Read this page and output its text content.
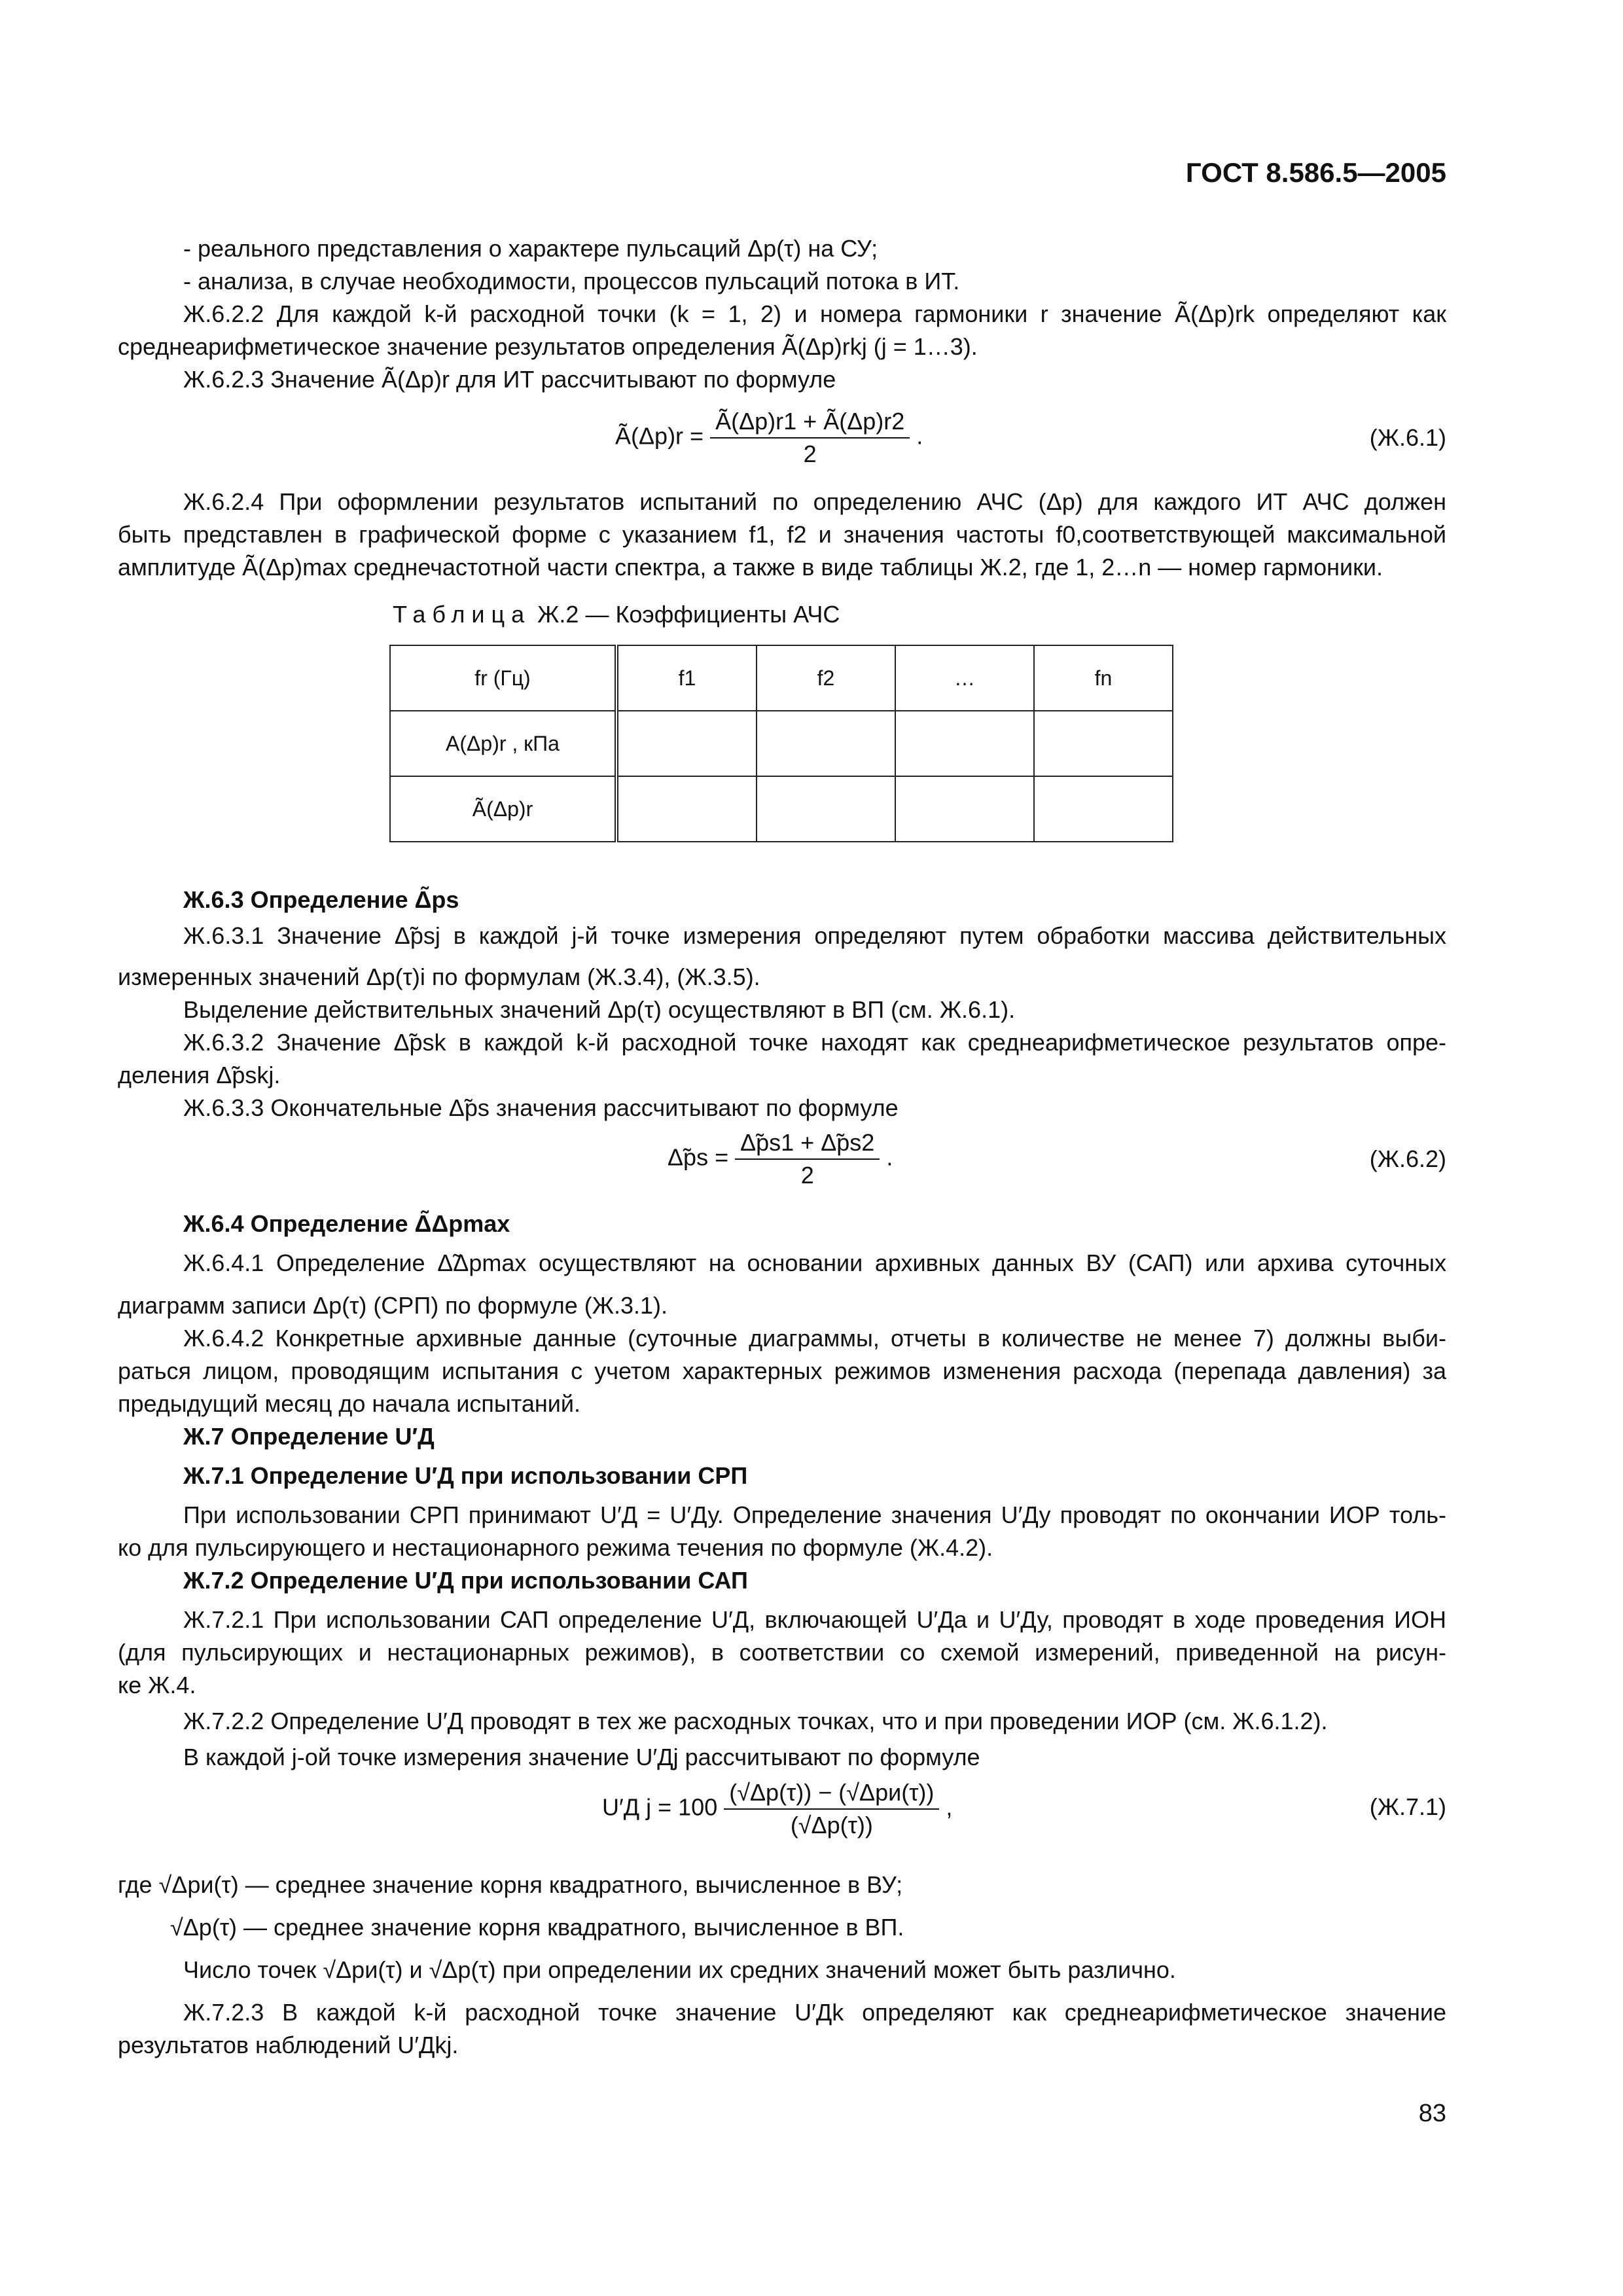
ГОСТ 8.586.5—2005
- реального представления о характере пульсаций Δp(τ) на СУ;
- анализа, в случае необходимости, процессов пульсаций потока в ИТ.
Ж.6.2.2 Для каждой k-й расходной точки (k = 1, 2) и номера гармоники r значение Ã(Δp)rk определяют как
среднеарифметическое значение результатов определения Ã(Δp)rkj (j = 1…3).
Ж.6.2.3 Значение Ã(Δp)r для ИТ рассчитывают по формуле
Ã(Δp)r = $\frac{Ã(\Delta p)r1 + Ã(\Delta p)r2}{2}$ .	(Ж.6.1)
Ж.6.2.4 При оформлении результатов испытаний по определению АЧС (Δp) для каждого ИТ АЧС должен
быть представлен в графической форме с указанием f1, f2 и значения частоты f0,соответствующей максимальной
амплитуде Ã(Δp)max среднечастотной части спектра, а также в виде таблицы Ж.2, где 1, 2…n — номер гармоники.
Таблица Ж.2 — Коэффициенты АЧС
fr (Гц)	f1	f2	…	fn
A(Δp)r , кПа				
Ã(Δp)r				
Ж.6.3 Определение Δ̃ps
Ж.6.3.1 Значение Δ̃psj в каждой j-й точке измерения определяют путем обработки массива действительных
измеренных значений Δp(τ)i по формулам (Ж.3.4), (Ж.3.5).
Выделение действительных значений Δp(τ) осуществляют в ВП (см. Ж.6.1).
Ж.6.3.2 Значение Δ̃psk в каждой k-й расходной точке находят как среднеарифметическое результатов опре-
деления Δ̃pskj.
Ж.6.3.3 Окончательные Δ̃ps значения рассчитывают по формуле
Δ̃ps = $\frac{\Deltãps1 + \Deltãps2}{2}$ .	(Ж.6.2)
Ж.6.4 Определение Δ̃Δpmax
Ж.6.4.1 Определение Δ̃Δpmax осуществляют на основании архивных данных ВУ (САП) или архива суточных
диаграмм записи Δp(τ) (СРП) по формуле (Ж.3.1).
Ж.6.4.2 Конкретные архивные данные (суточные диаграммы, отчеты в количестве не менее 7) должны выби-
раться лицом, проводящим испытания с учетом характерных режимов изменения расхода (перепада давления) за
предыдущий месяц до начала испытаний.
Ж.7 Определение U′Д
Ж.7.1 Определение U′Д при использовании СРП
При использовании СРП принимают U′Д = U′Ду. Определение значения U′Ду проводят по окончании ИОР толь-
ко для пульсирующего и нестационарного режима течения по формуле (Ж.4.2).
Ж.7.2 Определение U′Д при использовании САП
Ж.7.2.1 При использовании САП определение U′Д, включающей U′Да и U′Ду, проводят в ходе проведения ИОН
(для пульсирующих и нестационарных режимов), в соответствии со схемой измерений, приведенной на рисун-
ке Ж.4.
Ж.7.2.2 Определение U′Д проводят в тех же расходных точках, что и при проведении ИОР (см. Ж.6.1.2).
В каждой j-ой точке измерения значение U′Дj рассчитывают по формуле
U′Д $j = 100 \frac{\text{(√Δp(τ)) − (√Δpи(τ))}}{(√\Delta p(\tau))}$ ,	(Ж.7.1)
где √Δpи(τ) — среднее значение корня квадратного, вычисленное в ВУ;
√Δp(τ) — среднее значение корня квадратного, вычисленное в ВП.
Число точек √Δpи(τ) и √Δp(τ) при определении их средних значений может быть различно.
Ж.7.2.3 В каждой k-й расходной точке значение U′Дk определяют как среднеарифметическое значение
результатов наблюдений U′Дkj.
83
